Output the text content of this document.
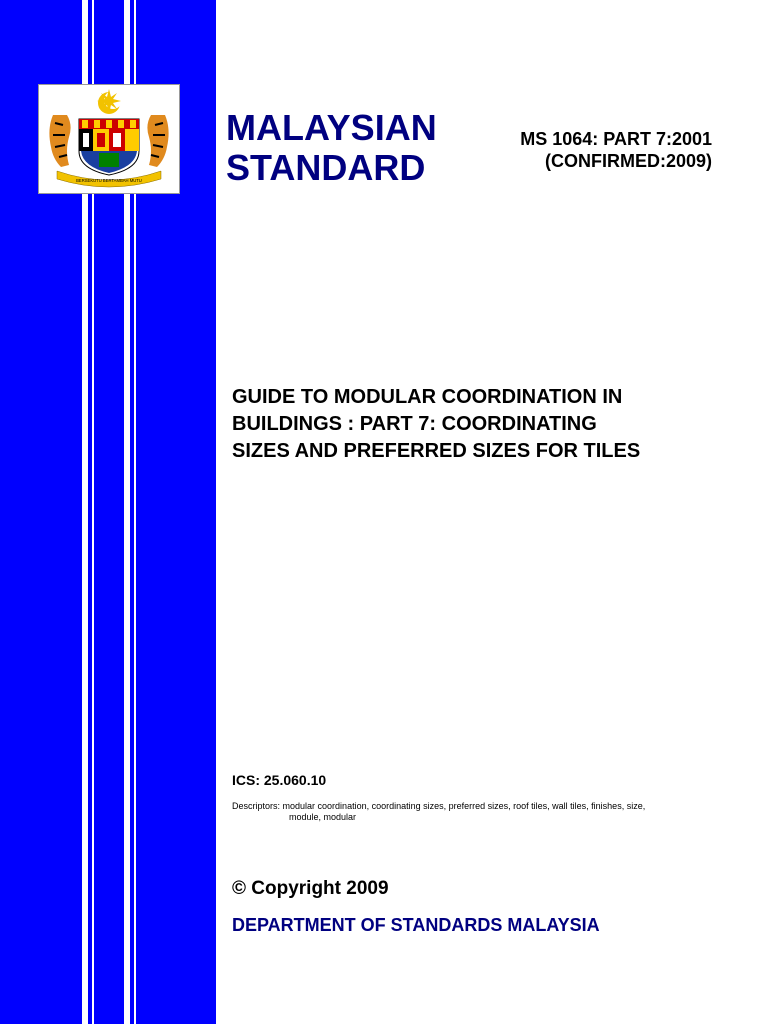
BERSEKUTU BERTAMBAH MUTU
MALAYSIAN
STANDARD
MS 1064: PART 7:2001
(CONFIRMED:2009)
GUIDE TO MODULAR COORDINATION IN
BUILDINGS : PART 7: COORDINATING
SIZES AND PREFERRED SIZES FOR TILES
ICS: 25.060.10
Descriptors: modular coordination, coordinating sizes, preferred sizes, roof tiles, wall tiles, finishes, size,
module, modular
© Copyright 2009
DEPARTMENT OF STANDARDS MALAYSIA
